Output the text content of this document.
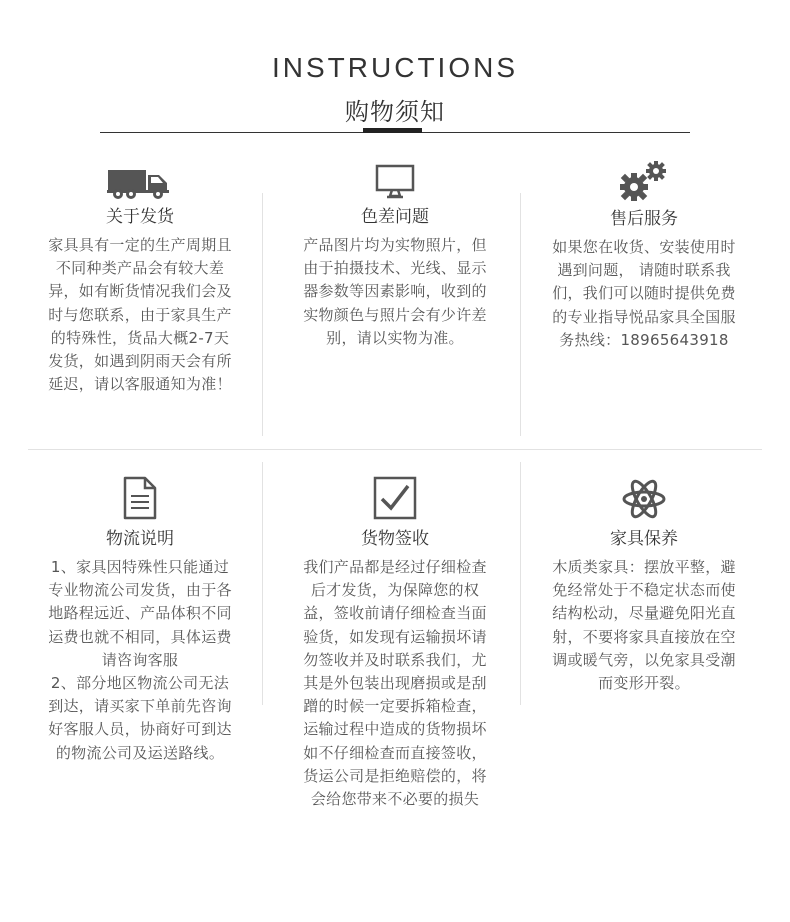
INSTRUCTIONS
购物须知
关于发货
家具具有一定的生产周期且不同种类产品会有较大差异，如有断货情况我们会及时与您联系，由于家具生产的特殊性，货品大概2-7天发货，如遇到阴雨天会有所延迟，请以客服通知为准！
色差问题
产品图片均为实物照片，但由于拍摄技术、光线、显示器参数等因素影响，收到的实物颜色与照片会有少许差别，请以实物为准。
售后服务
如果您在收货、安装使用时遇到问题， 请随时联系我们，我们可以随时提供免费的专业指导悦品家具全国服务热线：18965643918
物流说明
1、家具因特殊性只能通过专业物流公司发货，由于各地路程远近、产品体积不同运费也就不相同，具体运费请咨询客服
2、部分地区物流公司无法到达，请买家下单前先咨询好客服人员，协商好可到达的物流公司及运送路线。
货物签收
我们产品都是经过仔细检查后才发货，为保障您的权益，签收前请仔细检查当面验货，如发现有运输损坏请勿签收并及时联系我们，尤其是外包装出现磨损或是刮蹭的时候一定要拆箱检查，运输过程中造成的货物损坏如不仔细检查而直接签收，货运公司是拒绝赔偿的，将会给您带来不必要的损失
家具保养
木质类家具：摆放平整，避免经常处于不稳定状态而使结构松动，尽量避免阳光直射，不要将家具直接放在空调或暖气旁，以免家具受潮而变形开裂。
